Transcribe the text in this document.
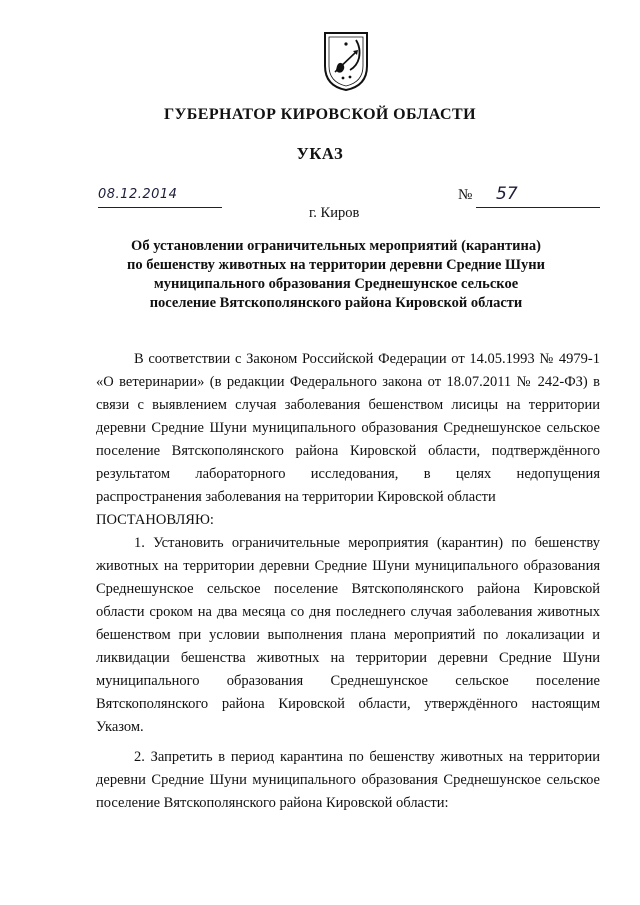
ГУБЕРНАТОР КИРОВСКОЙ ОБЛАСТИ
УКАЗ
08.12.2014	№ 57
г. Киров
Об установлении ограничительных мероприятий (карантина)
по бешенству животных на территории деревни Средние Шуни
муниципального образования Среднешунское сельское
поселение Вятскополянского района Кировской области

В соответствии с Законом Российской Федерации от 14.05.1993 № 4979-1 «О ветеринарии» (в редакции Федерального закона от 18.07.2011 № 242-ФЗ) в связи с выявлением случая заболевания бешенством лисицы на территории деревни Средние Шуни муниципального образования Среднешунское сельское поселение Вятскополянского района Кировской области, подтверждённого результатом лабораторного исследования, в целях недопущения распространения заболевания на территории Кировской области

ПОСТАНОВЛЯЮ:

1. Установить ограничительные мероприятия (карантин) по бешенству животных на территории деревни Средние Шуни муниципального образования Среднешунское сельское поселение Вятскополянского района Кировской области сроком на два месяца со дня последнего случая заболевания животных бешенством при условии выполнения плана мероприятий по локализации и ликвидации бешенства животных на территории деревни Средние Шуни муниципального образования Среднешунское сельское поселение Вятскополянского района Кировской области, утверждённого настоящим Указом.

2. Запретить в период карантина по бешенству животных на территории деревни Средние Шуни муниципального образования Среднешунское сельское поселение Вятскополянского района Кировской области:
